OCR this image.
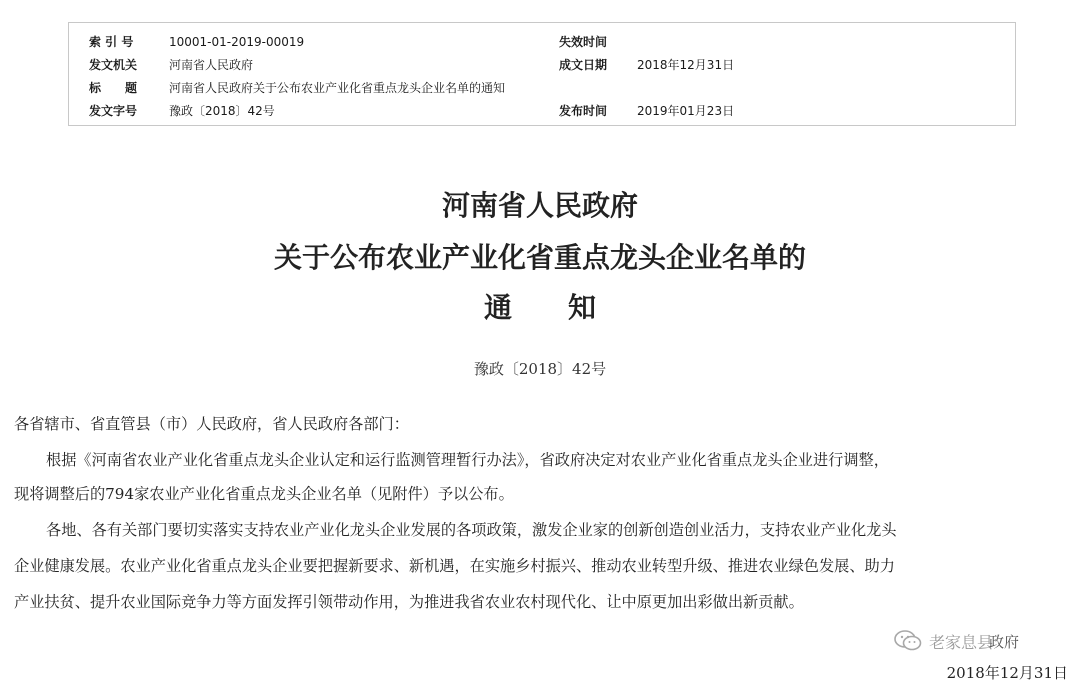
索 引 号	10001-01-2019-00019	失效时间
发文机关	河南省人民政府	成文日期 2018年12月31日
标　　题	河南省人民政府关于公布农业产业化省重点龙头企业名单的通知
发文字号	豫政〔2018〕42号	发布时间 2019年01月23日
河南省人民政府
关于公布农业产业化省重点龙头企业名单的
通　　知
豫政〔2018〕42号
各省辖市、省直管县（市）人民政府，省人民政府各部门：
根据《河南省农业产业化省重点龙头企业认定和运行监测管理暂行办法》，省政府决定对农业产业化省重点龙头企业进行调整，
现将调整后的794家农业产业化省重点龙头企业名单（见附件）予以公布。
各地、各有关部门要切实落实支持农业产业化龙头企业发展的各项政策，激发企业家的创新创造创业活力，支持农业产业化龙头
企业健康发展。农业产业化省重点龙头企业要把握新要求、新机遇，在实施乡村振兴、推动农业转型升级、推进农业绿色发展、助力
产业扶贫、提升农业国际竞争力等方面发挥引领带动作用，为推进我省农业农村现代化、让中原更加出彩做出新贡献。
老家息县
政府
2018年12月31日
